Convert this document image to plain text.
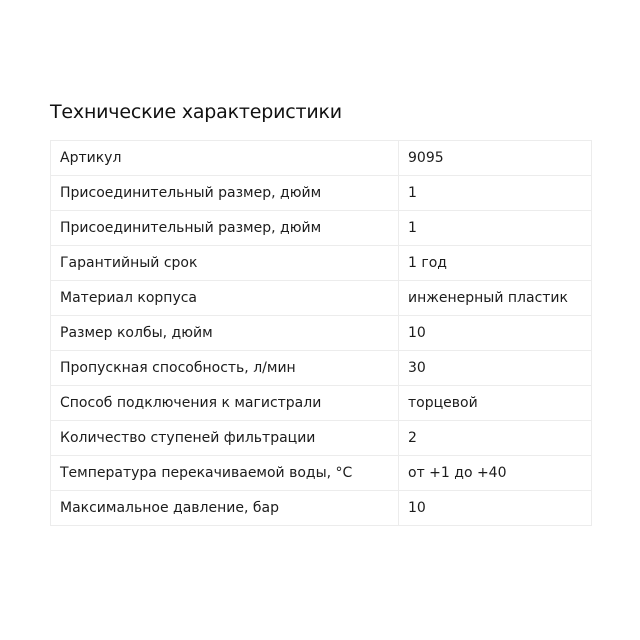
Технические характеристики
Артикул	9095
Присоединительный размер, дюйм	1
Присоединительный размер, дюйм	1
Гарантийный срок	1 год
Материал корпуса	инженерный пластик
Размер колбы, дюйм	10
Пропускная способность, л/мин	30
Способ подключения к магистрали	торцевой
Количество ступеней фильтрации	2
Температура перекачиваемой воды, °C	от +1 до +40
Максимальное давление, бар	10
